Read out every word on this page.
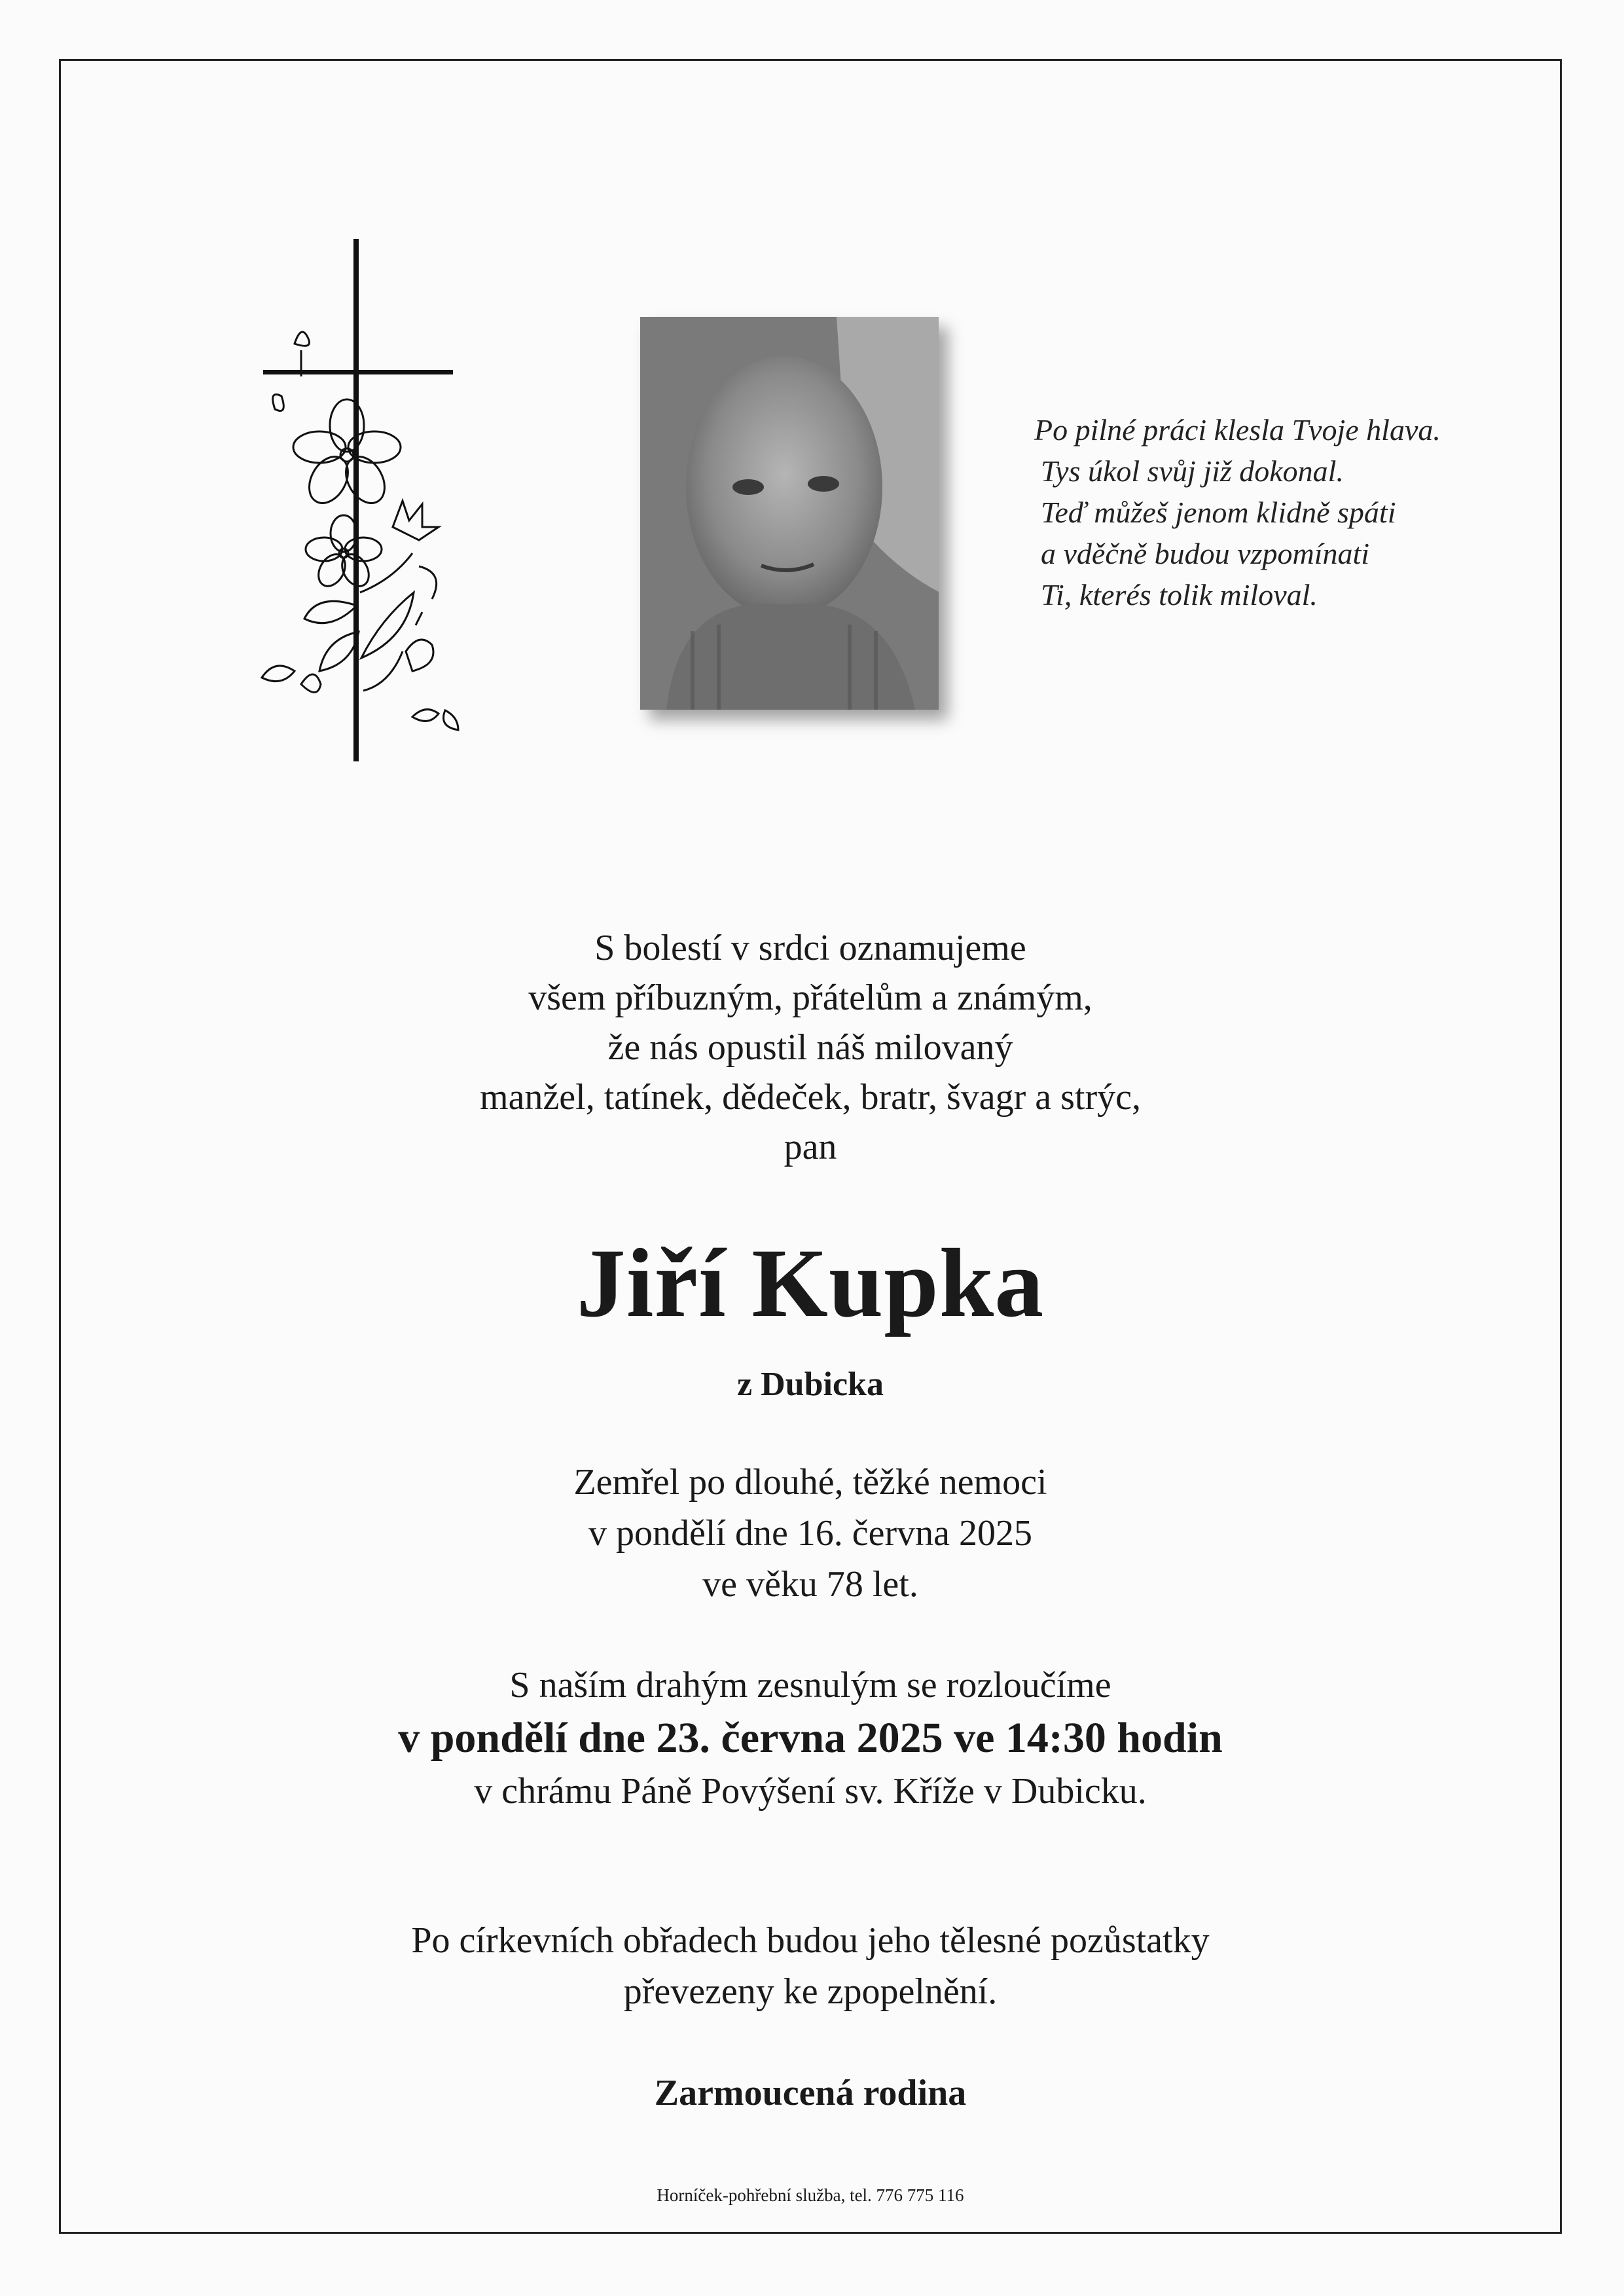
Po pilné práci klesla Tvoje hlava.
Tys úkol svůj již dokonal.
Teď můžeš jenom klidně spáti
a vděčně budou vzpomínati
Ti, kterés tolik miloval.
S bolestí v srdci oznamujeme
všem příbuzným, přátelům a známým,
že nás opustil náš milovaný
manžel, tatínek, dědeček, bratr, švagr a strýc,
pan
Jiří Kupka
z Dubicka
Zemřel po dlouhé, těžké nemoci
v pondělí dne 16. června 2025
ve věku 78 let.
S naším drahým zesnulým se rozloučíme
v pondělí dne 23. června 2025 ve 14:30 hodin
v chrámu Páně Povýšení sv. Kříže v Dubicku.
Po církevních obřadech budou jeho tělesné pozůstatky
převezeny ke zpopelnění.
Zarmoucená rodina
Horníček-pohřební služba, tel. 776 775 116
